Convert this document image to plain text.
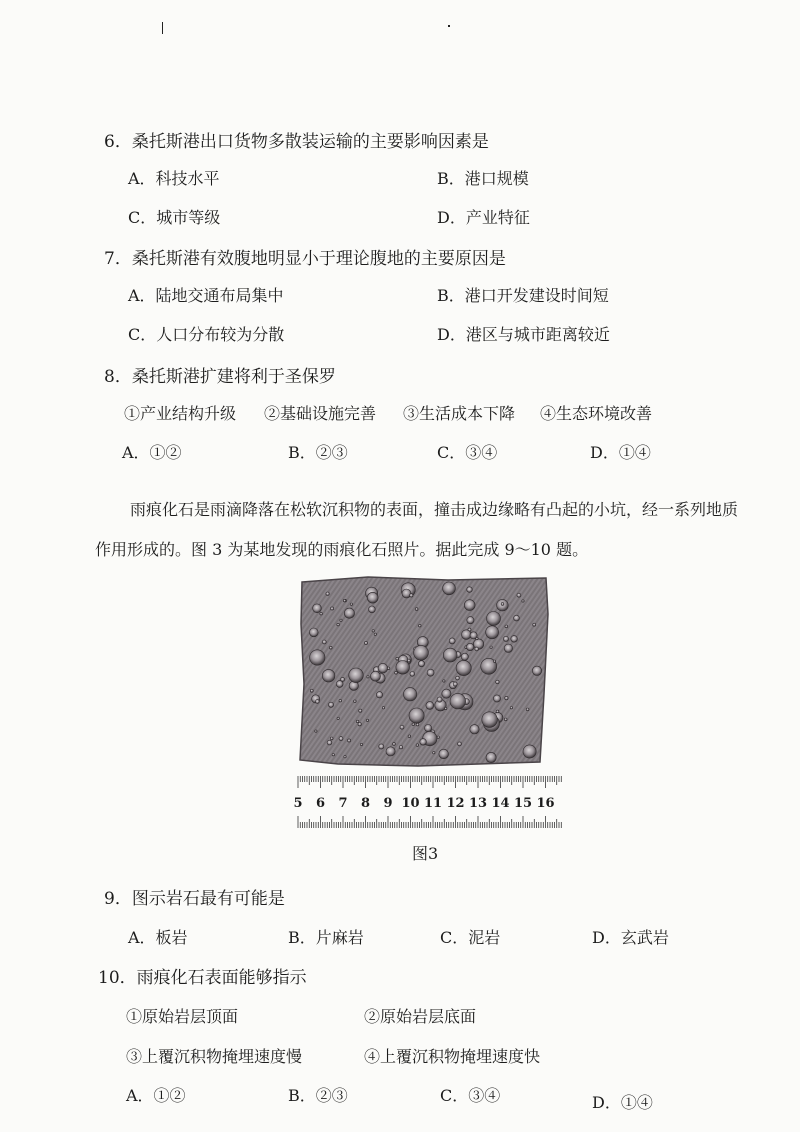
6．桑托斯港出口货物多散装运输的主要影响因素是
A．科技水平	B．港口规模
C．城市等级	D．产业特征
7．桑托斯港有效腹地明显小于理论腹地的主要原因是
A．陆地交通布局集中	B．港口开发建设时间短
C．人口分布较为分散	D．港区与城市距离较近
8．桑托斯港扩建将利于圣保罗
①产业结构升级 ②基础设施完善 ③生活成本下降 ④生态环境改善
A．①②	B．②③	C．③④	D．①④
雨痕化石是雨滴降落在松软沉积物的表面，撞击成边缘略有凸起的小坑，经一系列地质
作用形成的。图 3 为某地发现的雨痕化石照片。据此完成 9～10 题。
5 6 7 8 9 10 11 12 13 14 15 16
图3
9．图示岩石最有可能是
A．板岩	B．片麻岩	C．泥岩	D．玄武岩
10．雨痕化石表面能够指示
①原始岩层顶面	②原始岩层底面
③上覆沉积物掩埋速度慢	④上覆沉积物掩埋速度快
A．①②	B．②③	C．③④	D．①④
